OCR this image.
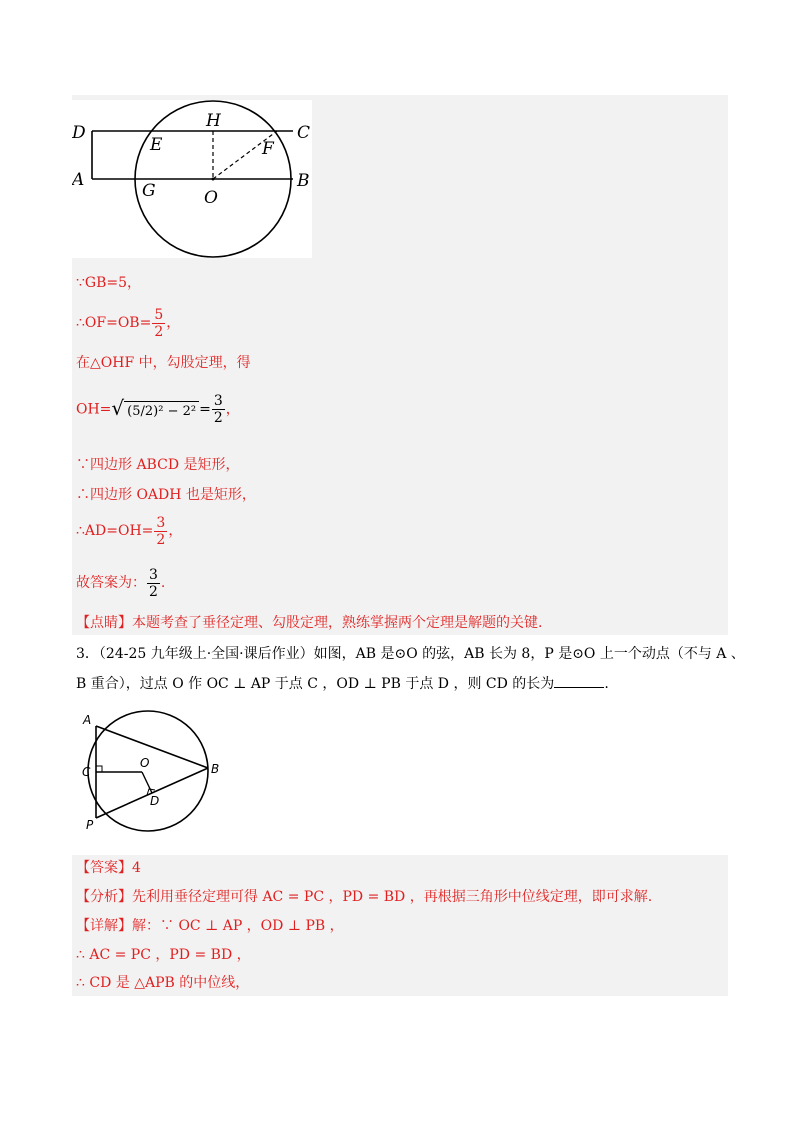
D
H
C
E	F
A
G	O
B
∵GB=5，
∴OF=OB= $\frac{5}{2}$ ，
在△OHF 中，勾股定理，得
OH=√ $(5/2)^2 - 2^2 = \frac{3}{2}$ ，
∵四边形 ABCD 是矩形，
∴四边形 OADH 也是矩形，
∴AD=OH= $\frac{3}{2}$ ，
故答案为： $\frac{3}{2}$ .
【点睛】本题考查了垂径定理、勾股定理，熟练掌握两个定理是解题的关键.
3．（24-25 九年级上·全国·课后作业）如图，AB 是⊙O 的弦，AB 长为 8，P 是⊙O 上一个动点（不与 A 、
B 重合），过点 O 作 OC ⊥ AP 于点 C ，OD ⊥ PB 于点 D ，则 CD 的长为	.
A
C
O	B
D
P
【答案】4
【分析】先利用垂径定理可得 AC = PC ，PD = BD ，再根据三角形中位线定理，即可求解.
【详解】解：∵ OC ⊥ AP ，OD ⊥ PB ，
∴ AC = PC ，PD = BD ，
∴ CD 是 △APB 的中位线，
